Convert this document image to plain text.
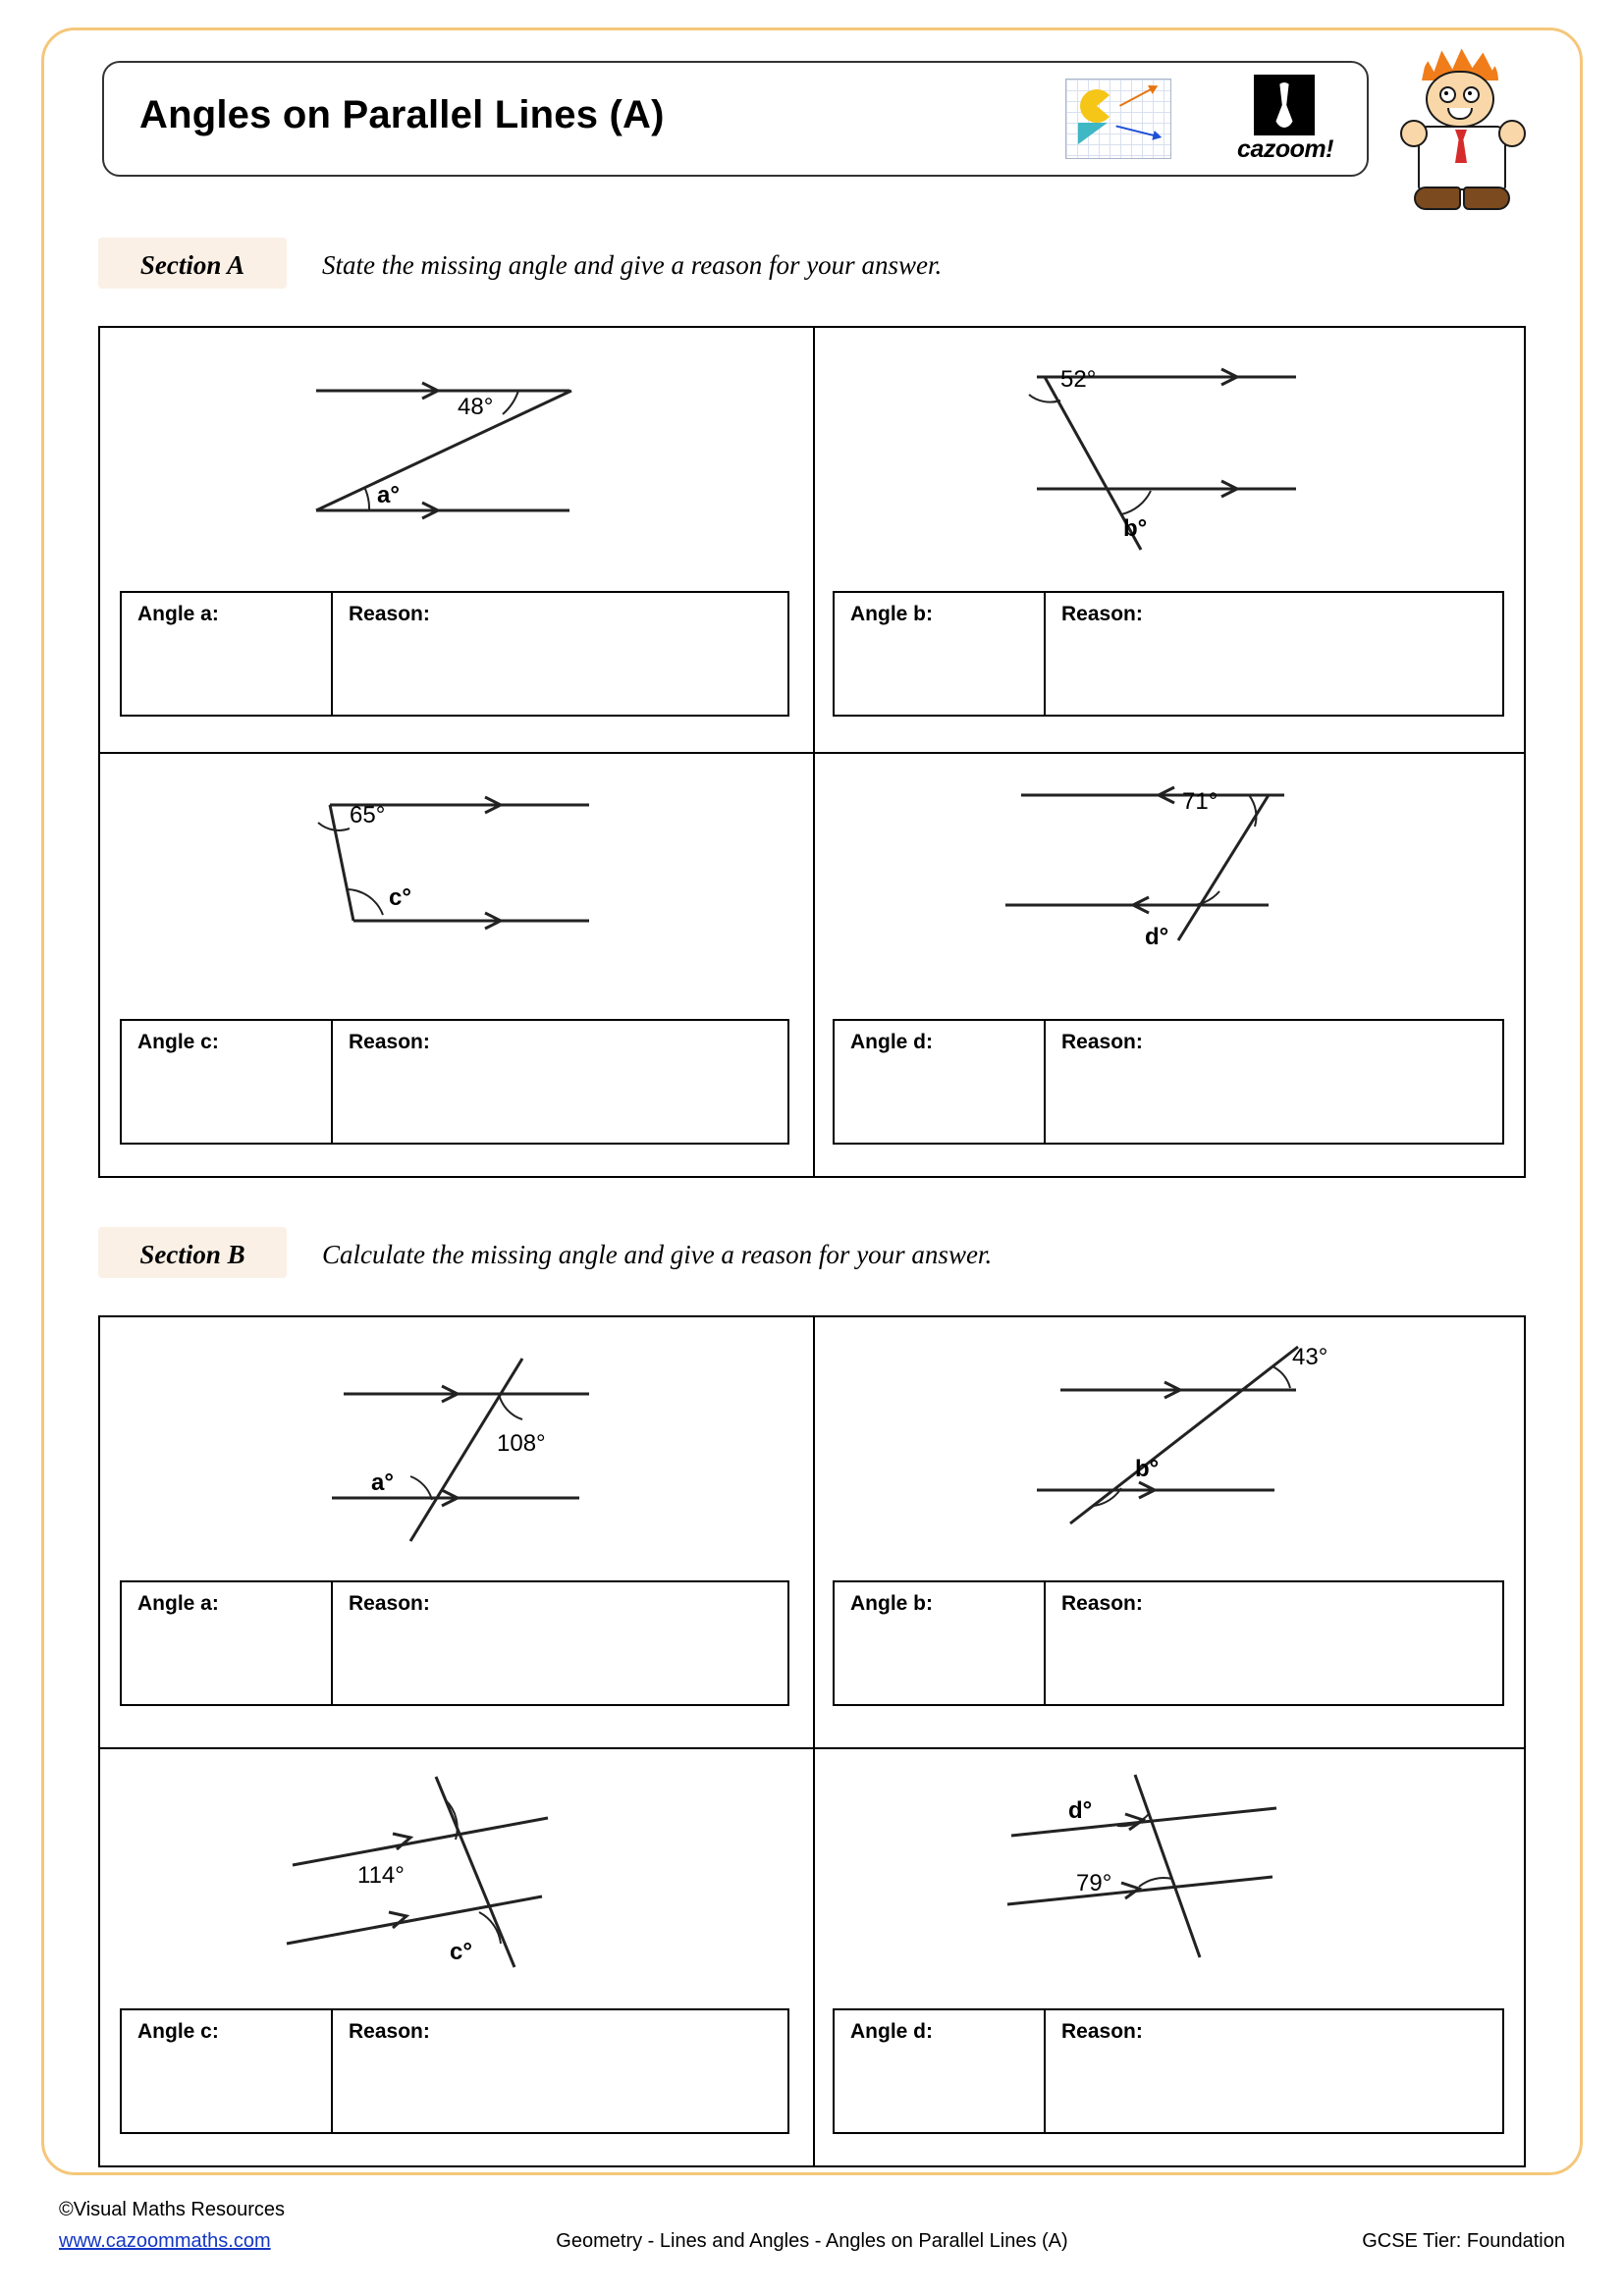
Angles on Parallel Lines (A)
cazoom!
Section A	State the missing angle and give a reason for your answer.
48°
a°
Angle a:	Reason:
52°
b°
Angle b:	Reason:
65°
c°
Angle c:	Reason:
71°
d°
Angle d:	Reason:
Section B	Calculate the missing angle and give a reason for your answer.
108°
a°
Angle a:	Reason:
43°
b°
Angle b:	Reason:
114°
c°
Angle c:	Reason:
d°
79°
Angle d:	Reason:
©Visual Maths Resources
www.cazoommaths.com	Geometry - Lines and Angles - Angles on Parallel Lines (A)	GCSE Tier: Foundation
